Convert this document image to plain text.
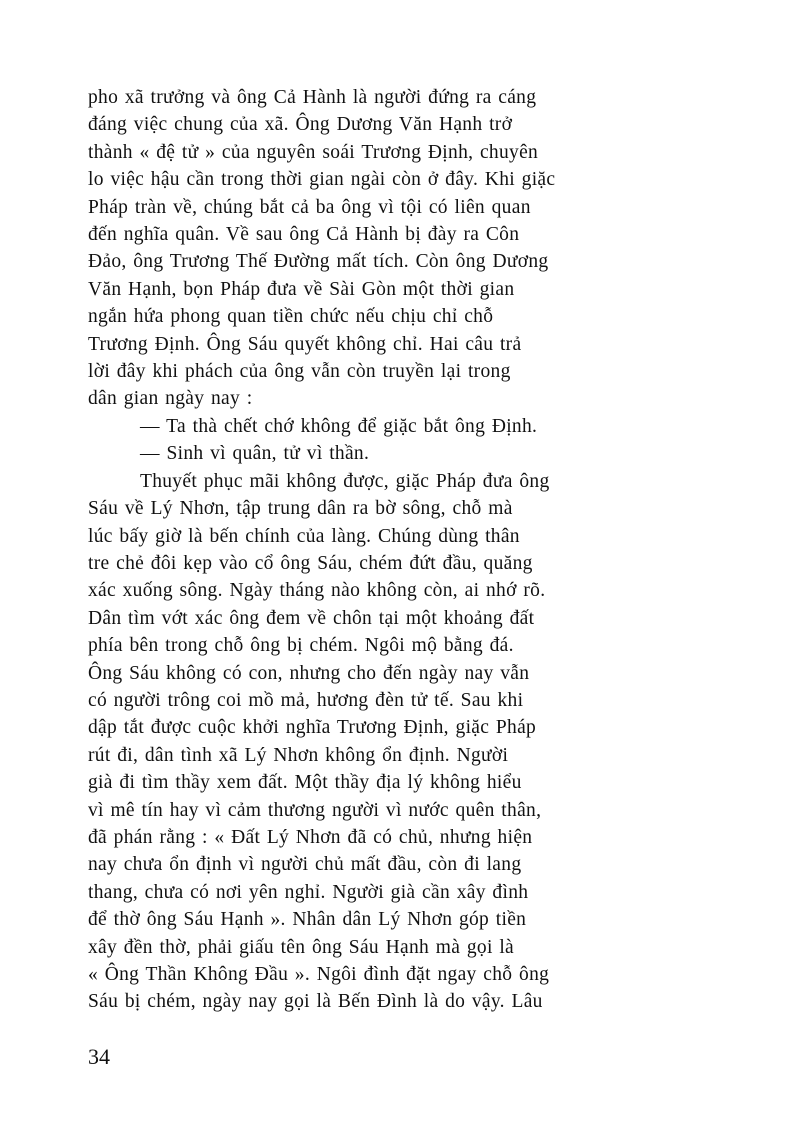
pho xã trưởng và ông Cả Hành là người đứng ra cáng
đáng việc chung của xã. Ông Dương Văn Hạnh trở
thành « đệ tử » của nguyên soái Trương Định, chuyên
lo việc hậu cần trong thời gian ngài còn ở đây. Khi giặc
Pháp tràn về, chúng bắt cả ba ông vì tội có liên quan
đến nghĩa quân. Về sau ông Cả Hành bị đày ra Côn
Đảo, ông Trương Thế Đường mất tích. Còn ông Dương
Văn Hạnh, bọn Pháp đưa về Sài Gòn một thời gian
ngắn hứa phong quan tiền chức nếu chịu chỉ chỗ
Trương Định. Ông Sáu quyết không chỉ. Hai câu trả
lời đây khi phách của ông vẫn còn truyền lại trong
dân gian ngày nay :

— Ta thà chết chớ không để giặc bắt ông Định.
— Sinh vì quân, tử vì thần.

Thuyết phục mãi không được, giặc Pháp đưa ông
Sáu về Lý Nhơn, tập trung dân ra bờ sông, chỗ mà
lúc bấy giờ là bến chính của làng. Chúng dùng thân
tre chẻ đôi kẹp vào cổ ông Sáu, chém đứt đầu, quăng
xác xuống sông. Ngày tháng nào không còn, ai nhớ rõ.
Dân tìm vớt xác ông đem về chôn tại một khoảng đất
phía bên trong chỗ ông bị chém. Ngôi mộ bằng đá.
Ông Sáu không có con, nhưng cho đến ngày nay vẫn
có người trông coi mồ mả, hương đèn tử tế. Sau khi
dập tắt được cuộc khởi nghĩa Trương Định, giặc Pháp
rút đi, dân tình xã Lý Nhơn không ổn định. Người
già đi tìm thầy xem đất. Một thầy địa lý không hiểu
vì mê tín hay vì cảm thương người vì nước quên thân,
đã phán rằng : « Đất Lý Nhơn đã có chủ, nhưng hiện
nay chưa ổn định vì người chủ mất đầu, còn đi lang
thang, chưa có nơi yên nghỉ. Người già cần xây đình
để thờ ông Sáu Hạnh ». Nhân dân Lý Nhơn góp tiền
xây đền thờ, phải giấu tên ông Sáu Hạnh mà gọi là
« Ông Thần Không Đầu ». Ngôi đình đặt ngay chỗ ông
Sáu bị chém, ngày nay gọi là Bến Đình là do vậy. Lâu

34
